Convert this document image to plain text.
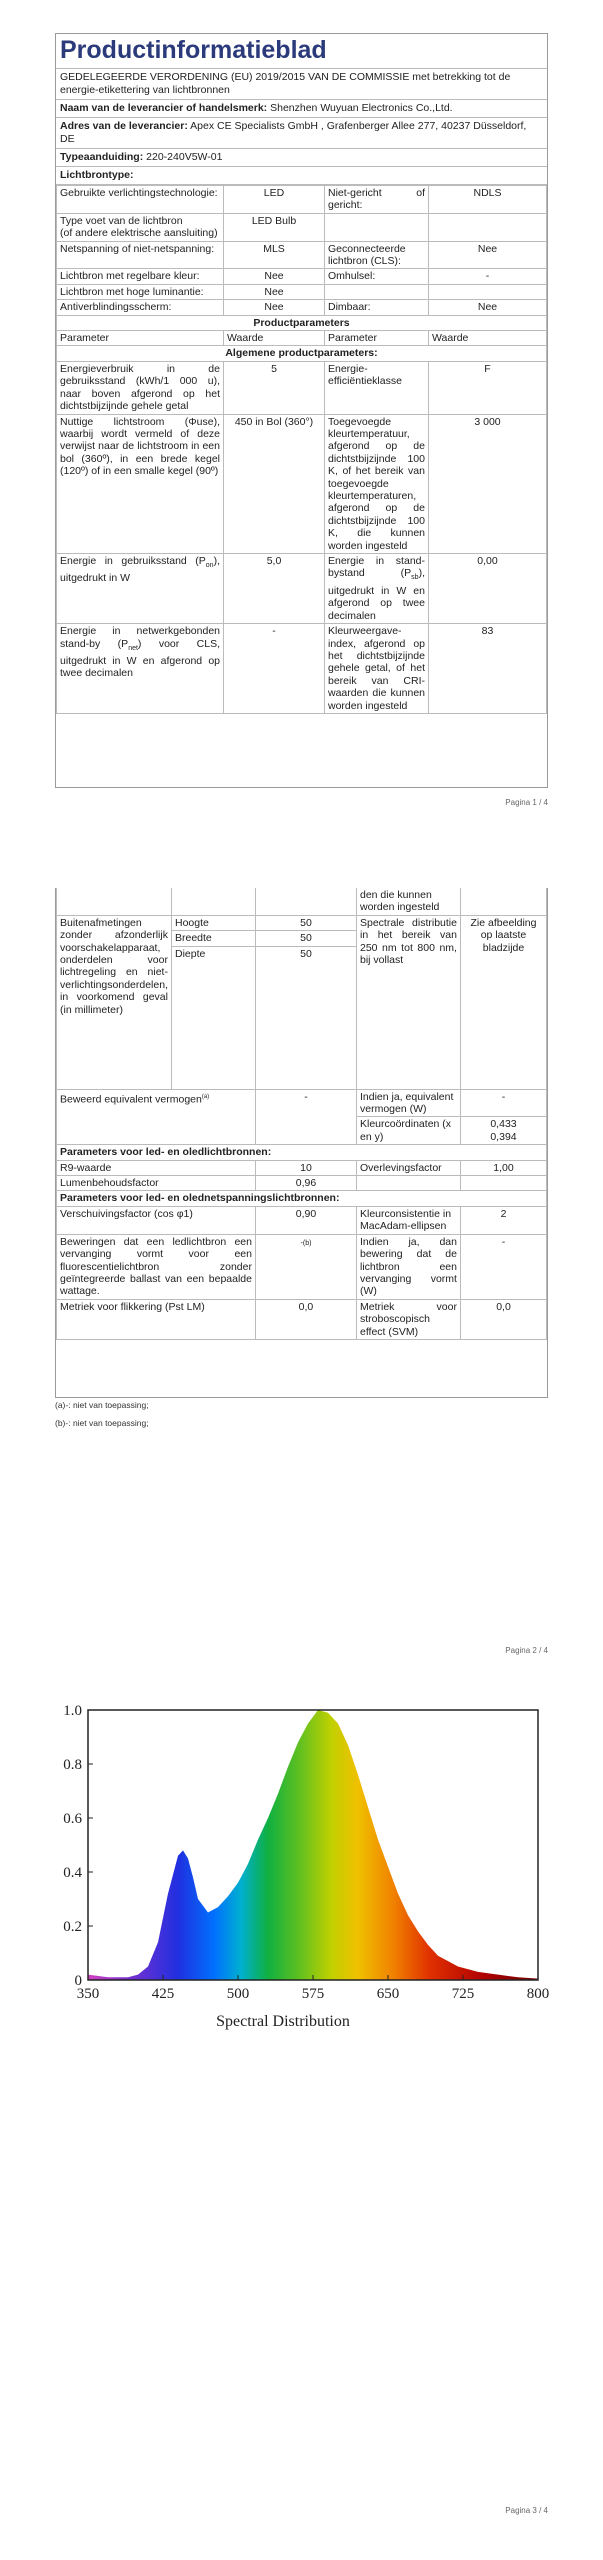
Productinformatieblad
GEDELEGEERDE VERORDENING (EU) 2019/2015 VAN DE COMMISSIE met betrekking tot de energie-etikettering van lichtbronnen
Naam van de leverancier of handelsmerk: Shenzhen Wuyuan Electronics Co.,Ltd.
Adres van de leverancier: Apex CE Specialists GmbH , Grafenberger Allee 277, 40237 Düsseldorf, DE
Typeaanduiding: 220-240V5W-01
Lichtbrontype:
Gebruikte verlichtingstechnologie:	LED	Niet-gericht of gericht:	NDLS
Type voet van de lichtbron
(of andere elektrische aansluiting)	LED Bulb		
Netspanning of niet-netspanning:	MLS	Geconnecteerde lichtbron (CLS):	Nee
Lichtbron met regelbare kleur:	Nee	Omhulsel:	-
Lichtbron met hoge luminantie:	Nee		
Antiverblindingsscherm:	Nee	Dimbaar:	Nee
Productparameters			
Parameter	Waarde	Parameter	Waarde
Algemene productparameters:			
Energieverbruik in de gebruiksstand (kWh/1 000 u), naar boven afgerond op het dichtstbijzijnde gehele getal	5	Energie-efficiëntieklasse	F
Nuttige lichtstroom (Φuse), waarbij wordt vermeld of deze verwijst naar de lichtstroom in een bol (360º), in een brede kegel (120º) of in een smalle kegel (90º)	450 in Bol (360°)	Toegevoegde kleurtemperatuur, afgerond op de dichtstbijzijnde 100 K, of het bereik van toegevoegde kleurtemperaturen, afgerond op de dichtstbijzijnde 100 K, die kunnen worden ingesteld	3 000
Energie in gebruiksstand $(P_{on})$, uitgedrukt in W	5,0	Energie in stand-bystand $(P_{sb})$, uitgedrukt in W en afgerond op twee decimalen	0,00
Energie in netwerkgebonden stand-by $(P_{net})$ voor CLS, uitgedrukt in W en afgerond op twee decimalen	-	Kleurweergave-index, afgerond op het dichtstbijzijnde gehele getal, of het bereik van CRI-waarden die kunnen worden ingesteld	83
Pagina 1 / 4
			den die kunnen worden ingesteld	
Buitenafmetingen zonder afzonderlijk voorschakelapparaat, onderdelen voor lichtregeling en niet-verlichtingsonderdelen, in voorkomend geval (in millimeter)	Hoogte	50	Spectrale distributie in het bereik van 250 nm tot 800 nm, bij vollast	Zie afbeelding op laatste bladzijde
	Breedte	50		
	Diepte	50		
Beweerd equivalent vermogen$^{(a)}$		-	Indien ja, equivalent vermogen (W)	-
			Kleurcoördinaten (x en y)	0,433
0,394
Parameters voor led- en oledlichtbronnen:				
R9-waarde		10	Overlevingsfactor	1,00
Lumenbehoudsfactor		0,96		
Parameters voor led- en olednetspanningslichtbronnen:				
Verschuivingsfactor (cos φ1)		0,90	Kleurconsistentie in MacAdam-ellipsen	2
Beweringen dat een ledlichtbron een vervanging vormt voor een fluorescentielichtbron zonder geïntegreerde ballast van een bepaalde wattage.		-(b)	Indien ja, dan bewering dat de lichtbron een vervanging vormt (W)	-
Metriek voor flikkering (Pst LM)		0,0	Metriek voor stroboscopisch effect (SVM)	0,0
(a)-: niet van toepassing;
(b)-: niet van toepassing;
Pagina 2 / 4
0
0.2
0.4
0.6
0.8
1.0
350	425	500	575	650	725	800
Spectral Distribution
Pagina 3 / 4
